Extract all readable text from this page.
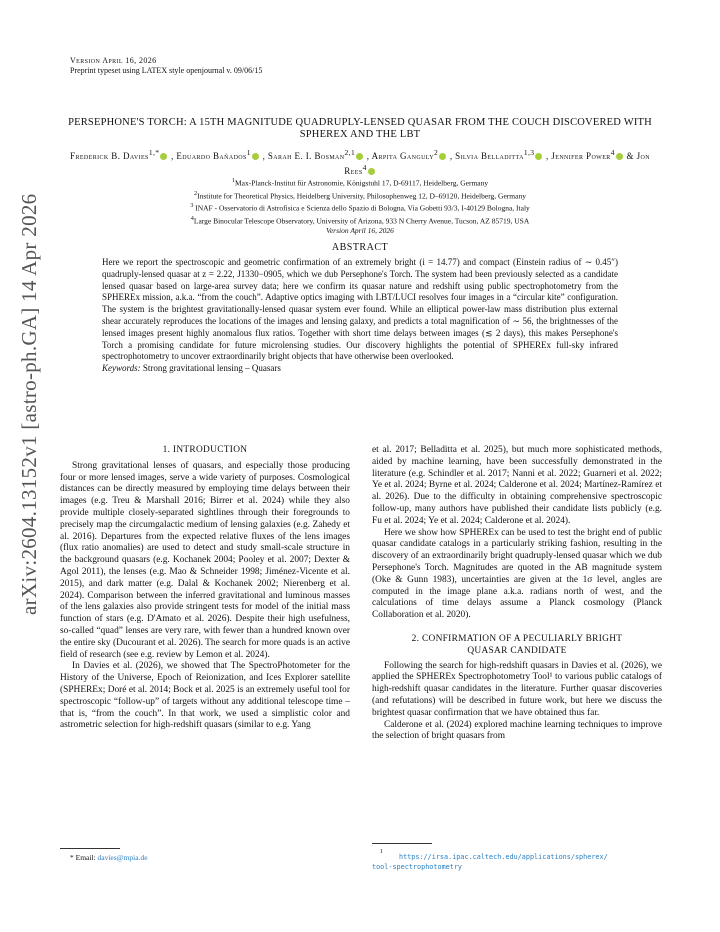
arXiv:2604.13152v1 [astro-ph.GA] 14 Apr 2026
Version April 16, 2026
Preprint typeset using LATEX style openjournal v. 09/06/15
PERSEPHONE'S TORCH: A 15TH MAGNITUDE QUADRUPLY-LENSED QUASAR FROM THE COUCH DISCOVERED WITH SPHEREX AND THE LBT
Frederick B. Davies$^{1,*}$ , Eduardo Bañados$^1$ , Sarah E. I. Bosman$^{2,1}$ , Arpita Ganguly$^2$ , Silvia Belladitta$^{1,3}$ , Jennifer Power$^4$ & Jon Rees$^4$
$^1$Max-Planck-Institut für Astronomie, Königstuhl 17, D-69117, Heidelberg, Germany
$^2$Institute for Theoretical Physics, Heidelberg University, Philosophenweg 12, D–69120, Heidelberg, Germany
$^3$ INAF - Osservatorio di Astrofisica e Scienza dello Spazio di Bologna, Via Gobetti 93/3, I-40129 Bologna, Italy
$^4$Large Binocular Telescope Observatory, University of Arizona, 933 N Cherry Avenue, Tucson, AZ 85719, USA
Version April 16, 2026
ABSTRACT
Here we report the spectroscopic and geometric confirmation of an extremely bright (i = 14.77) and compact (Einstein radius of ∼ 0.45″) quadruply-lensed quasar at z = 2.22, J1330−0905, which we dub Persephone's Torch. The system had been previously selected as a candidate lensed quasar based on large-area survey data; here we confirm its quasar nature and redshift using public spectrophotometry from the SPHEREx mission, a.k.a. “from the couch”. Adaptive optics imaging with LBT/LUCI resolves four images in a “circular kite” configuration. The system is the brightest gravitationally-lensed quasar system ever found. While an elliptical power-law mass distribution plus external shear accurately reproduces the locations of the images and lensing galaxy, and predicts a total magnification of ∼ 56, the brightnesses of the lensed images present highly anomalous flux ratios. Together with short time delays between images (≲ 2 days), this makes Persephone's Torch a promising candidate for future microlensing studies. Our discovery highlights the potential of SPHEREx full-sky infrared spectrophotometry to uncover extraordinarily bright objects that have otherwise been overlooked.
Keywords: Strong gravitational lensing – Quasars
1. INTRODUCTION

Strong gravitational lenses of quasars, and especially those producing four or more lensed images, serve a wide variety of purposes. Cosmological distances can be directly measured by employing time delays between their images (e.g. Treu & Marshall 2016; Birrer et al. 2024) while they also provide multiple closely-separated sightlines through their foregrounds to precisely map the circumgalactic medium of lensing galaxies (e.g. Zahedy et al. 2016). Departures from the expected relative fluxes of the lens images (flux ratio anomalies) are used to detect and study small-scale structure in the background quasars (e.g. Kochanek 2004; Pooley et al. 2007; Dexter & Agol 2011), the lenses (e.g. Mao & Schneider 1998; Jiménez-Vicente et al. 2015), and dark matter (e.g. Dalal & Kochanek 2002; Nierenberg et al. 2024). Comparison between the inferred gravitational and luminous masses of the lens galaxies also provide stringent tests for model of the initial mass function of stars (e.g. D'Amato et al. 2026). Despite their high usefulness, so-called “quad” lenses are very rare, with fewer than a hundred known over the entire sky (Ducourant et al. 2026). The search for more quads is an active field of research (see e.g. review by Lemon et al. 2024).

In Davies et al. (2026), we showed that The SpectroPhotometer for the History of the Universe, Epoch of Reionization, and Ices Explorer satellite (SPHEREx; Doré et al. 2014; Bock et al. 2025 is an extremely useful tool for spectroscopic “follow-up” of targets without any additional telescope time – that is, “from the couch”. In that work, we used a simplistic color and astrometric selection for high-redshift quasars (similar to e.g. Yang

* Email: davies@mpia.de

et al. 2017; Belladitta et al. 2025), but much more sophisticated methods, aided by machine learning, have been successfully demonstrated in the literature (e.g. Schindler et al. 2017; Nanni et al. 2022; Guarneri et al. 2022; Ye et al. 2024; Byrne et al. 2024; Calderone et al. 2024; Martínez-Ramírez et al. 2026). Due to the difficulty in obtaining comprehensive spectroscopic follow-up, many authors have published their candidate lists publicly (e.g. Fu et al. 2024; Ye et al. 2024; Calderone et al. 2024).

Here we show how SPHEREx can be used to test the bright end of public quasar candidate catalogs in a particularly striking fashion, resulting in the discovery of an extraordinarily bright quadruply-lensed quasar which we dub Persephone's Torch. Magnitudes are quoted in the AB magnitude system (Oke & Gunn 1983), uncertainties are given at the 1σ level, angles are computed in the image plane a.k.a. radians north of west, and the calculations of time delays assume a Planck cosmology (Planck Collaboration et al. 2020).

2. CONFIRMATION OF A PECULIARLY BRIGHT QUASAR CANDIDATE

Following the search for high-redshift quasars in Davies et al. (2026), we applied the SPHEREx Spectrophotometry Tool¹ to various public catalogs of high-redshift quasar candidates in the literature. Further quasar discoveries (and refutations) will be described in future work, but here we discuss the brightest quasar confirmation that we have obtained thus far.

Calderone et al. (2024) explored machine learning techniques to improve the selection of bright quasars from

$^1$ https://irsa.ipac.caltech.edu/applications/spherex/
tool-spectrophotometry
